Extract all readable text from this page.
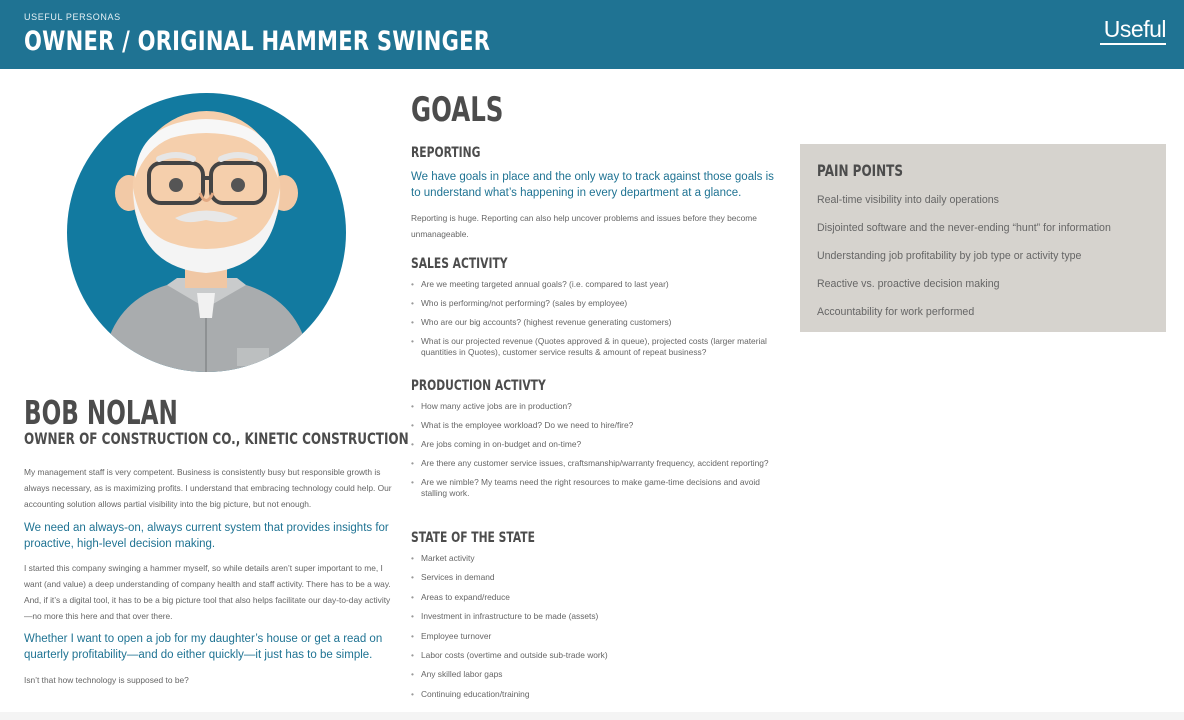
USEFUL PERSONAS
OWNER / ORIGINAL HAMMER SWINGER	Useful
BOB NOLAN
OWNER OF CONSTRUCTION CO., KINETIC CONSTRUCTION

My management staff is very competent. Business is consistently busy but responsible growth is always necessary, as is maximizing profits. I understand that embracing technology could help. Our accounting solution allows partial visibility into the big picture, but not enough.

We need an always-on, always current system that provides insights for proactive, high-level decision making.

I started this company swinging a hammer myself, so while details aren’t super important to me, I want (and value) a deep understanding of company health and staff activity. There has to be a way. And, if it’s a digital tool, it has to be a big picture tool that also helps facilitate our day-to-day activity—no more this here and that over there.

Whether I want to open a job for my daughter’s house or get a read on quarterly profitability—and do either quickly—it just has to be simple.

Isn’t that how technology is supposed to be?

GOALS
REPORTING

We have goals in place and the only way to track against those goals is to understand what’s happening in every department at a glance.

Reporting is huge. Reporting can also help uncover problems and issues before they become unmanageable.

SALES ACTIVITY
• Are we meeting targeted annual goals? (i.e. compared to last year)
• Who is performing/not performing? (sales by employee)
• Who are our big accounts? (highest revenue generating customers)
• What is our projected revenue (Quotes approved & in queue), projected costs (larger material quantities in Quotes), customer service results & amount of repeat business?
PRODUCTION ACTIVTY
• How many active jobs are in production?
• What is the employee workload? Do we need to hire/fire?
• Are jobs coming in on-budget and on-time?
• Are there any customer service issues, craftsmanship/warranty frequency, accident reporting?
• Are we nimble? My teams need the right resources to make game-time decisions and avoid stalling work.
STATE OF THE STATE
• Market activity
• Services in demand
• Areas to expand/reduce
• Investment in infrastructure to be made (assets)
• Employee turnover
• Labor costs (overtime and outside sub-trade work)
• Any skilled labor gaps
• Continuing education/training
PAIN POINTS
Real-time visibility into daily operations
Disjointed software and the never-ending “hunt” for information
Understanding job profitability by job type or activity type
Reactive vs. proactive decision making
Accountability for work performed
